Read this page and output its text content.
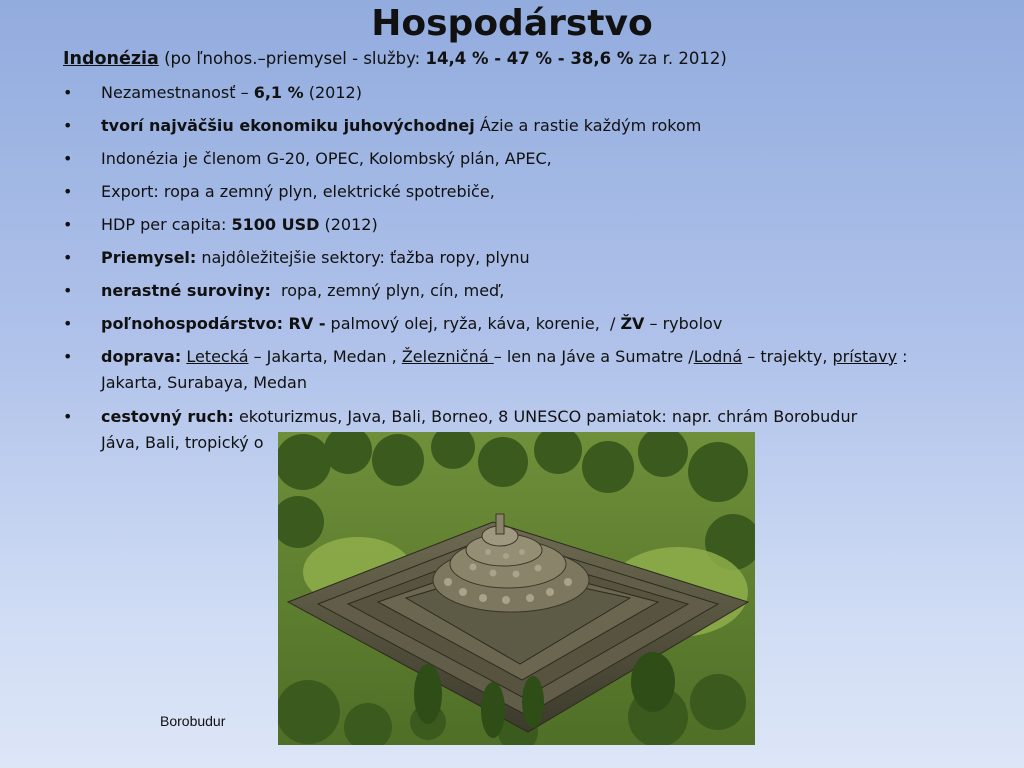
Hospodárstvo
Indonézia (po ľnohos.–priemysel - služby: 14,4 % - 47 % - 38,6 % za r. 2012)
•	Nezamestnanosť – 6,1 % (2012)
•	tvorí najväčšiu ekonomiku juhovýchodnej Ázie a rastie každým rokom
•	Indonézia je členom G-20, OPEC, Kolombský plán, APEC,
•	Export: ropa a zemný plyn, elektrické spotrebiče,
•	HDP per capita: 5100 USD (2012)
•	Priemysel: najdôležitejšie sektory: ťažba ropy, plynu
•	nerastné suroviny:  ropa, zemný plyn, cín, meď,
•	poľnohospodárstvo: RV - palmový olej, ryža, káva, korenie,  / ŽV – rybolov
•	doprava: Letecká – Jakarta, Medan , Železničná – len na Jáve a Sumatre /Lodná – trajekty, prístavy : Jakarta, Surabaya, Medan
•	cestovný ruch: ekoturizmus, Java, Bali, Borneo, 8 UNESCO pamiatok: napr. chrám Borobudur
Jáva, Bali, tropický o
Borobudur
